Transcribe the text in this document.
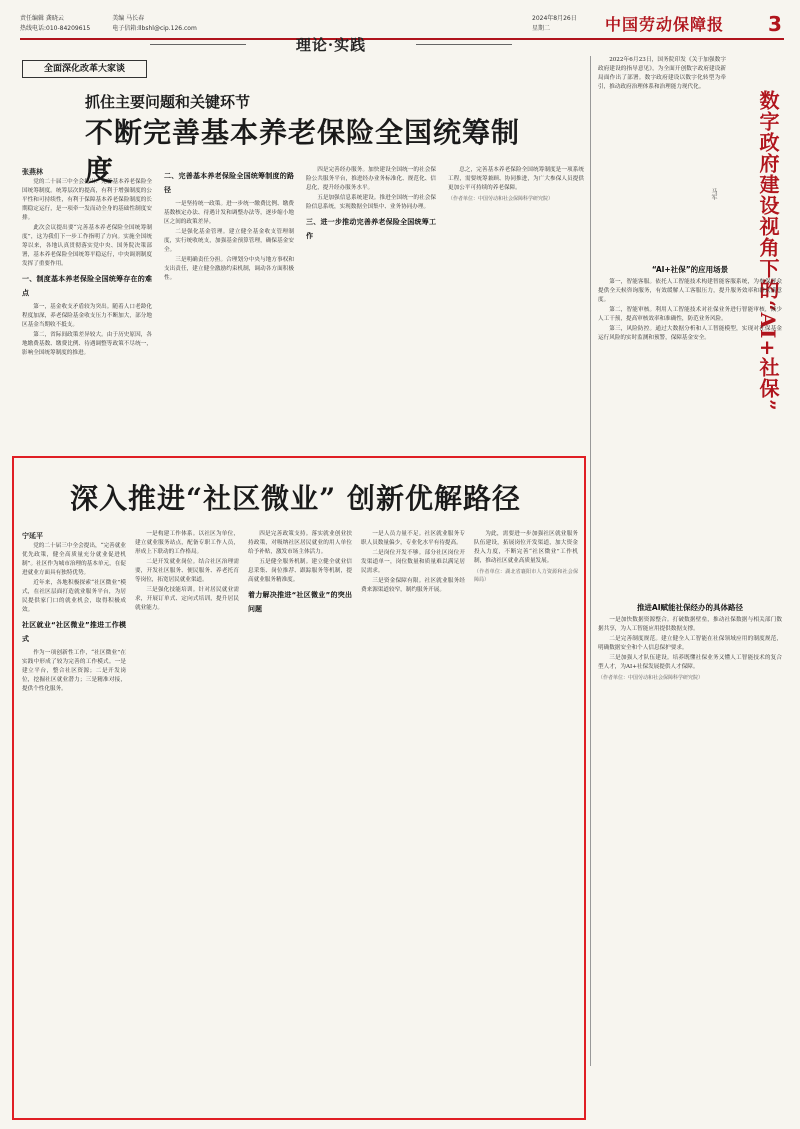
责任编辑 龚晓云
热线电话:010-84209615
美编 马长春
电子信箱:llbshl@cip.126.com
2024年8月26日
星期二	中国劳动保障报 3
理论·实践
全面深化改革大家谈
抓住主要问题和关键环节
不断完善基本养老保险全国统筹制度
张燕林

党的二十届三中全会提出：完善基本养老保险全国统筹制度。统筹层次的提高，有利于增强制度的公平性和可持续性，有利于保障基本养老保险制度的长期稳定运行，是一项牵一发而动全身的基础性制度安排。

此次会议提出要“完善基本养老保险全国统筹制度”，这为我们下一步工作指明了方向。实施全国统筹以来，各地认真贯彻落实党中央、国务院决策部署，基本养老保险全国统筹平稳运行，中央调剂制度发挥了重要作用。

一、制度基本养老保险全国统筹存在的难点

第一，基金收支矛盾较为突出。随着人口老龄化程度加深，养老保险基金收支压力不断加大，部分地区基金当期收不抵支。

第二，省际间政策差异较大。由于历史原因，各地缴费基数、缴费比例、待遇调整等政策不尽统一，影响全国统筹制度的推进。

二、完善基本养老保险全国统筹制度的路径

一是坚持统一政策。进一步统一缴费比例、缴费基数核定办法、待遇计发和调整办法等，逐步缩小地区之间的政策差异。

二是强化基金管理。建立健全基金收支管理制度，实行统收统支，加强基金预算管理，确保基金安全。

三是明确责任分担。合理划分中央与地方事权和支出责任，建立健全激励约束机制，调动各方面积极性。

四是完善经办服务。加快建设全国统一的社会保险公共服务平台，推进经办业务标准化、规范化、信息化，提升经办服务水平。

五是加强信息系统建设。推进全国统一的社会保险信息系统，实现数据全国集中、业务协同办理。

三、进一步推动完善养老保险全国统筹工作

总之，完善基本养老保险全国统筹制度是一项系统工程，需要统筹兼顾、协同推进，为广大参保人员提供更加公平可持续的养老保障。

（作者单位：中国劳动和社会保障科学研究院）

2022年6月23日，国务院印发《关于加强数字政府建设的指导意见》，为全面开创数字政府建设新局面作出了部署。数字政府建设以数字化转型为牵引，推动政府治理体系和治理能力现代化。

数字政府建设视角下的“AI+社保”
马军
“AI+社保”的应用场景

第一，智能客服。依托人工智能技术构建智能客服系统，为参保群众提供全天候咨询服务，有效缓解人工客服压力，提升服务效率和群众满意度。

第二，智能审核。利用人工智能技术对社保业务进行智能审核，减少人工干预，提高审核效率和准确性，防范业务风险。

第三，风险防控。通过大数据分析和人工智能模型，实现对社保基金运行风险的实时监测和预警，保障基金安全。

推进AI赋能社保经办的具体路径

一是加快数据资源整合。打破数据壁垒，推动社保数据与相关部门数据共享，为人工智能应用提供数据支撑。

二是完善制度规范。建立健全人工智能在社保领域应用的制度规范，明确数据安全和个人信息保护要求。

三是加强人才队伍建设。培养既懂社保业务又懂人工智能技术的复合型人才，为AI+社保发展提供人才保障。

（作者单位：中国劳动和社会保障科学研究院）
深入推进“社区微业” 创新优解路径
宁延平

党的二十届三中全会提出，“完善就业优先政策，健全高质量充分就业促进机制”。社区作为城市治理的基本单元，在促进就业方面具有独特优势。

近年来，各地积极探索“社区微业”模式，在社区层面打造就业服务平台，为居民提供家门口的就业机会，取得积极成效。

社区就业“社区微业”推进工作模式

作为一项创新性工作，“社区微业”在实践中形成了较为完善的工作模式。一是建立平台，整合社区资源；二是开发岗位，挖掘社区就业潜力；三是精准对接，提供个性化服务。

一是构建工作体系。以社区为单位，建立就业服务站点，配备专职工作人员，形成上下联动的工作格局。

二是开发就业岗位。结合社区治理需要，开发社区服务、便民服务、养老托育等岗位，拓宽居民就业渠道。

三是强化技能培训。针对居民就业需求，开展订单式、定向式培训，提升居民就业能力。

四是完善政策支持。落实就业创业扶持政策，对吸纳社区居民就业的用人单位给予补贴，激发市场主体活力。

五是健全服务机制。建立健全就业信息采集、岗位推荐、跟踪服务等机制，提高就业服务精准度。

着力解决推进“社区微业”的突出问题

一是人员力量不足。社区就业服务专职人员数量偏少，专业化水平有待提高。

二是岗位开发不够。部分社区岗位开发渠道单一，岗位数量和质量难以满足居民需求。

三是资金保障有限。社区就业服务经费来源渠道较窄，制约服务开展。

为此，需要进一步加强社区就业服务队伍建设，拓展岗位开发渠道，加大资金投入力度，不断完善“社区微业”工作机制，推动社区就业高质量发展。

（作者单位：湖北省襄阳市人力资源和社会保障局）
